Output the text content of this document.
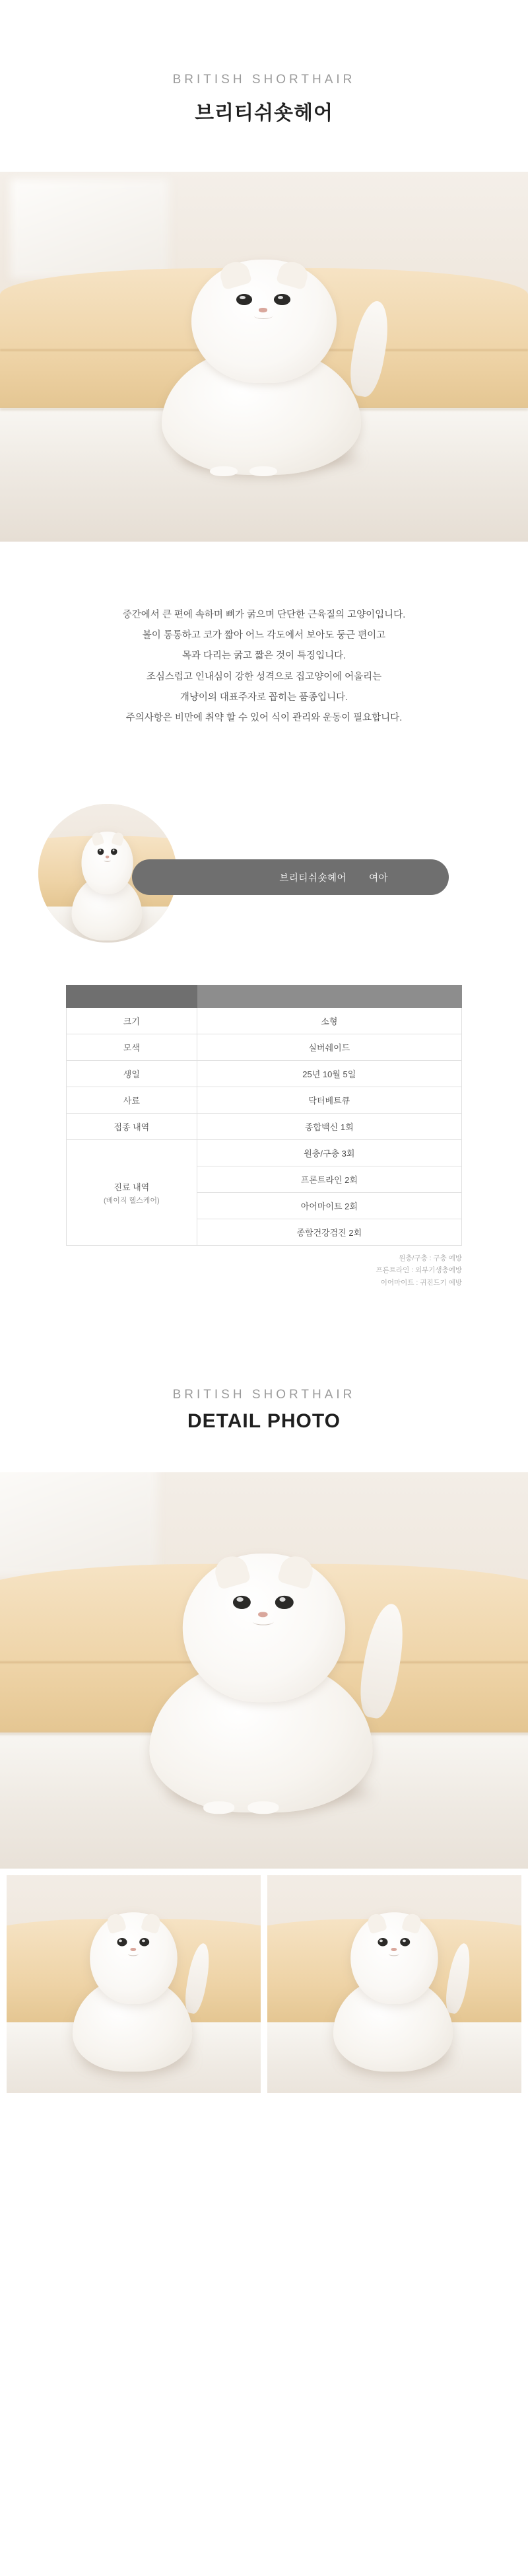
BRITISH SHORTHAIR

브리티쉬숏헤어

중간에서 큰 편에 속하며 뼈가 굵으며 단단한 근육질의 고양이입니다.

볼이 통통하고 코가 짧아 어느 각도에서 보아도 둥근 편이고

목과 다리는 굵고 짧은 것이 특징입니다.

조심스럽고 인내심이 강한 성격으로 집고양이에 어울리는

개냥이의 대표주자로 꼽히는 품종입니다.

주의사항은 비만에 취약 할 수 있어 식이 관리와 운동이 필요합니다.

브리티쉬숏헤어 여아

크기	소형
모색	실버쉐이드
생일	25년 10월 5일
사료	닥터베트큐
접종 내역	종합백신 1회
진료 내역
(베이직 헬스케어)	원충/구충 3회
	프론트라인 2회
	아어마이트 2회
	종합건강검진 2회
원충/구충 : 구충 예방
프론트라인 : 외부기생충예방
이어마이트 : 귀진드기 예방

BRITISH SHORTHAIR

DETAIL PHOTO
